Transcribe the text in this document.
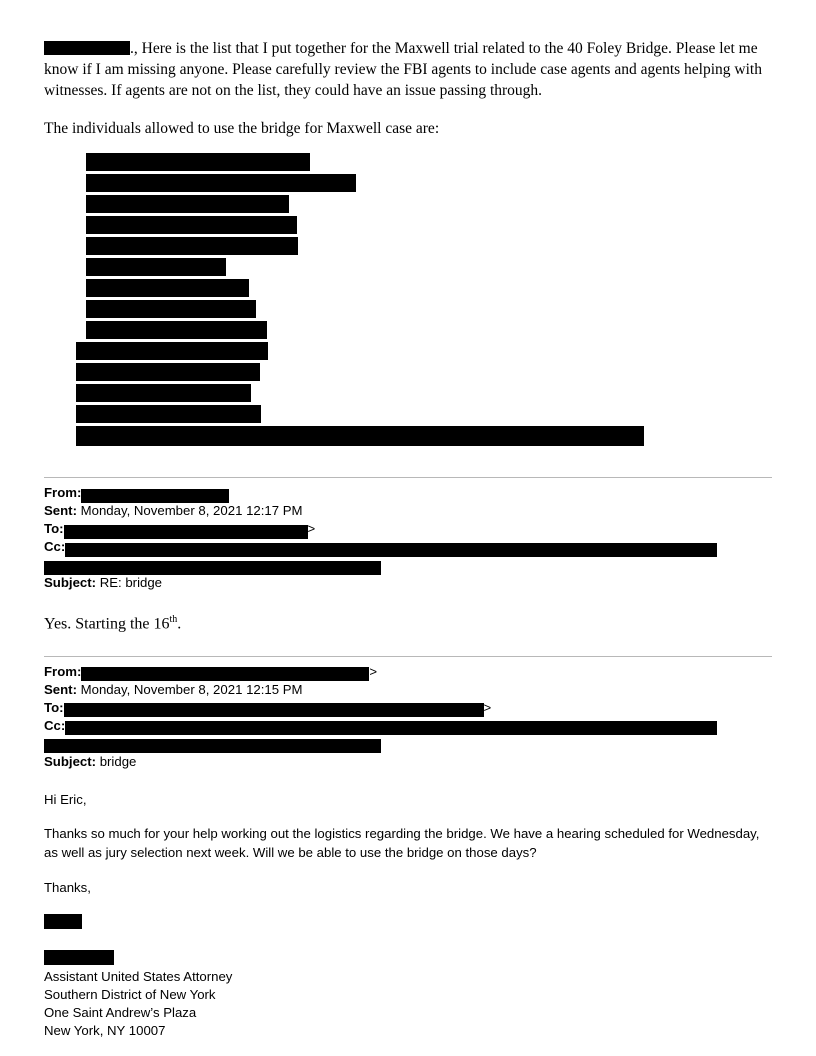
., Here is the list that I put together for the Maxwell trial related to the 40 Foley Bridge. Please let me know if I am missing anyone. Please carefully review the FBI agents to include case agents and agents helping with witnesses. If agents are not on the list, they could have an issue passing through.
The individuals allowed to use the bridge for Maxwell case are:
From:
Sent: Monday, November 8, 2021 12:17 PM
To:	>
Cc:
Subject: RE: bridge
Yes. Starting the 16th.
From:	>
Sent: Monday, November 8, 2021 12:15 PM
To:	>
Cc:
Subject: bridge

Hi Eric,

Thanks so much for your help working out the logistics regarding the bridge. We have a hearing scheduled for Wednesday, as well as jury selection next week. Will we be able to use the bridge on those days?

Thanks,

Assistant United States Attorney
Southern District of New York
One Saint Andrew’s Plaza
New York, NY 10007
